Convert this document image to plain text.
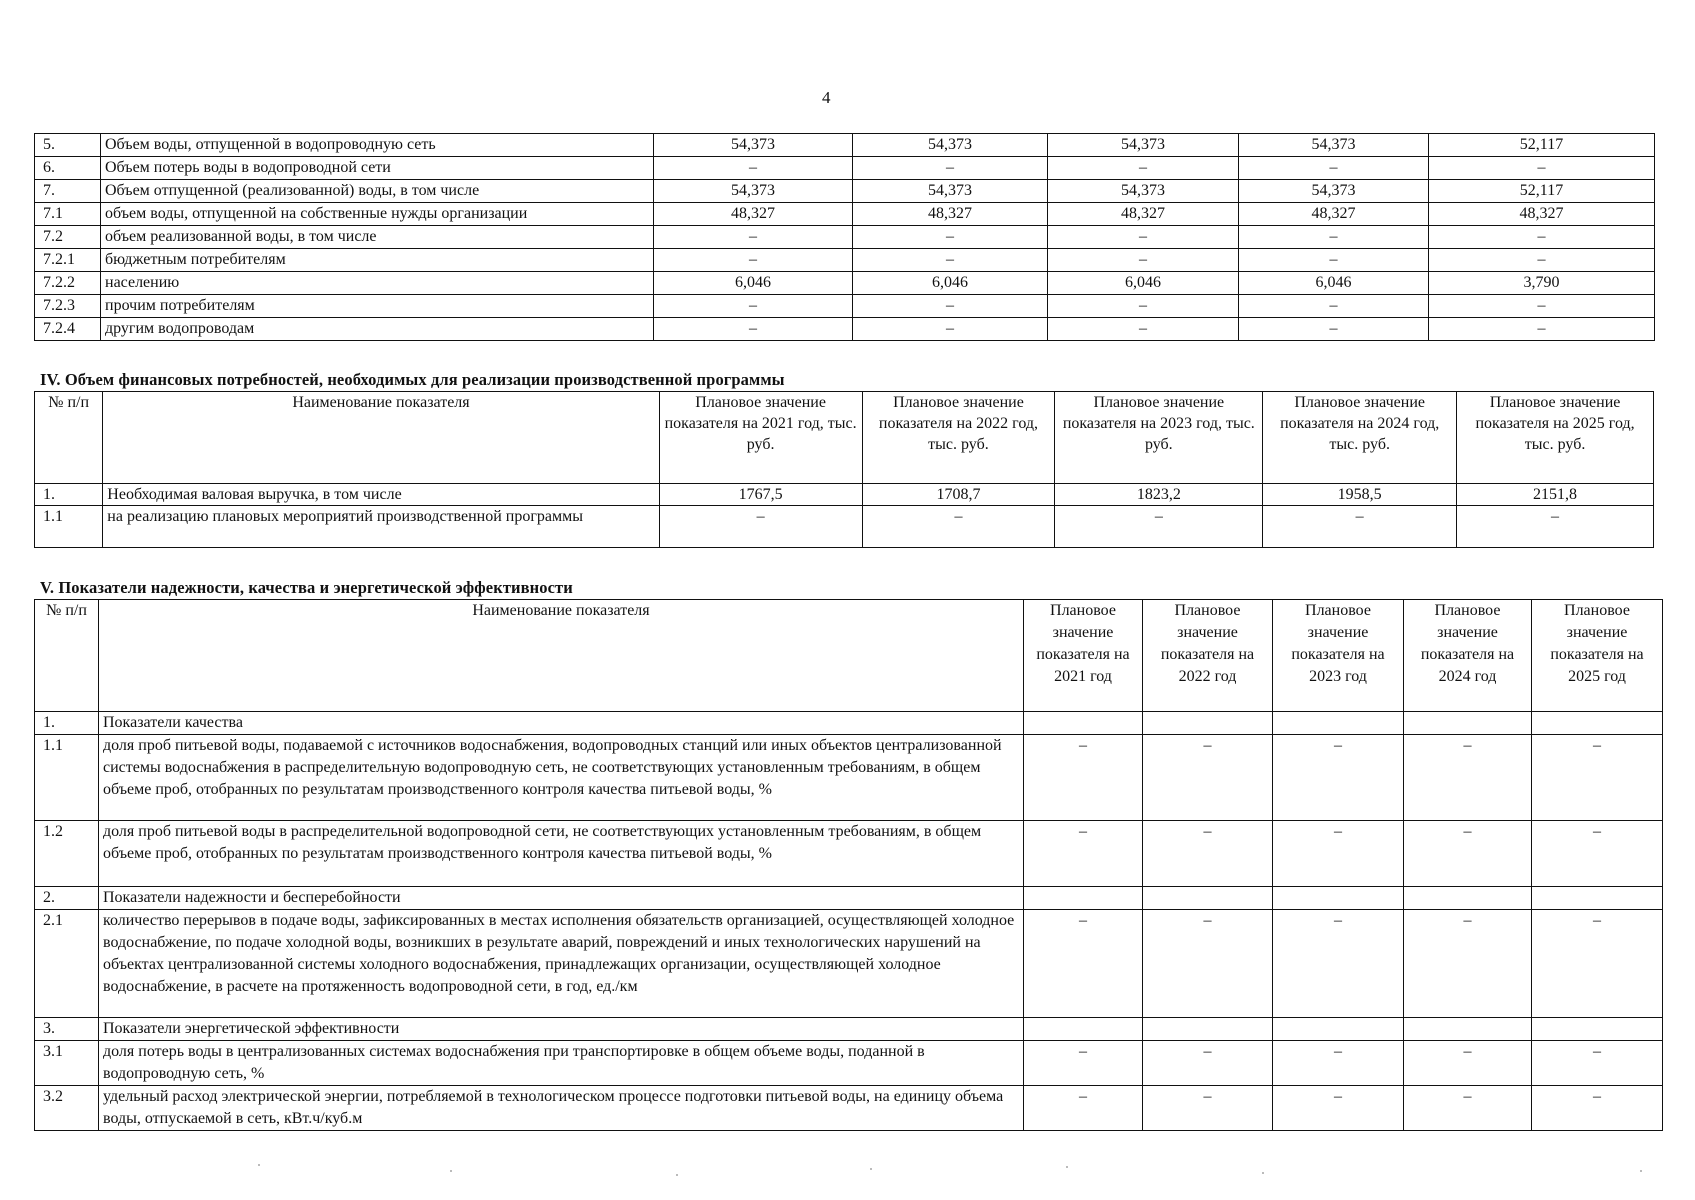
4
5.	Объем воды, отпущенной в водопроводную сеть	54,373	54,373	54,373	54,373	52,117
6.	Объем потерь воды в водопроводной сети	–	–	–	–	–
7.	Объем отпущенной (реализованной) воды, в том числе	54,373	54,373	54,373	54,373	52,117
7.1	объем воды, отпущенной на собственные нужды организации	48,327	48,327	48,327	48,327	48,327
7.2	объем реализованной воды, в том числе	–	–	–	–	–
7.2.1	бюджетным потребителям	–	–	–	–	–
7.2.2	населению	6,046	6,046	6,046	6,046	3,790
7.2.3	прочим потребителям	–	–	–	–	–
7.2.4	другим водопроводам	–	–	–	–	–
IV. Объем финансовых потребностей, необходимых для реализации производственной программы
№ п/п	Наименование показателя	Плановое значение показателя на 2021 год, тыс. руб.	Плановое значение показателя на 2022 год, тыс. руб.	Плановое значение показателя на 2023 год, тыс. руб.	Плановое значение показателя на 2024 год, тыс. руб.	Плановое значение показателя на 2025 год, тыс. руб.
1.	Необходимая валовая выручка, в том числе	1767,5	1708,7	1823,2	1958,5	2151,8
1.1	на реализацию плановых мероприятий производственной программы	–	–	–	–	–
V. Показатели надежности, качества и энергетической эффективности
№ п/п	Наименование показателя	Плановое значение показателя на 2021 год	Плановое значение показателя на 2022 год	Плановое значение показателя на 2023 год	Плановое значение показателя на 2024 год	Плановое значение показателя на 2025 год
1.	Показатели качества					
1.1	доля проб питьевой воды, подаваемой с источников водоснабжения, водопроводных станций или иных объектов централизованной системы водоснабжения в распределительную водопроводную сеть, не соответствующих установленным требованиям, в общем объеме проб, отобранных по результатам производственного контроля качества питьевой воды, %	–	–	–	–	–
1.2	доля проб питьевой воды в распределительной водопроводной сети, не соответствующих установленным требованиям, в общем объеме проб, отобранных по результатам производственного контроля качества питьевой воды, %	–	–	–	–	–
2.	Показатели надежности и бесперебойности					
2.1	количество перерывов в подаче воды, зафиксированных в местах исполнения обязательств организацией, осуществляющей холодное водоснабжение, по подаче холодной воды, возникших в результате аварий, повреждений и иных технологических нарушений на объектах централизованной системы холодного водоснабжения, принадлежащих организации, осуществляющей холодное водоснабжение, в расчете на протяженность водопроводной сети, в год, ед./км	–	–	–	–	–
3.	Показатели энергетической эффективности					
3.1	доля потерь воды в централизованных системах водоснабжения при транспортировке в общем объеме воды, поданной в водопроводную сеть, %	–	–	–	–	–
3.2	удельный расход электрической энергии, потребляемой в технологическом процессе подготовки питьевой воды, на единицу объема воды, отпускаемой в сеть, кВт.ч/куб.м	–	–	–	–	–
